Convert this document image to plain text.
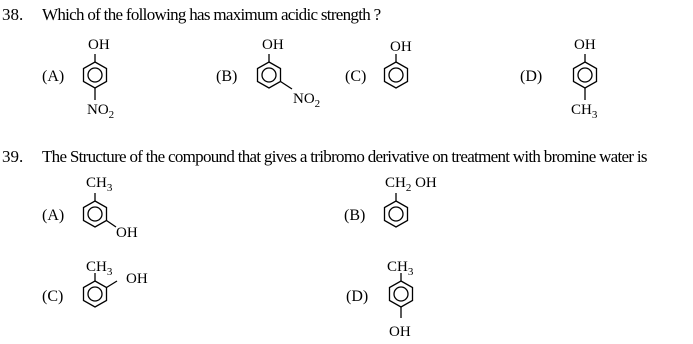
38. Which of the following has maximum acidic strength ?
(A)
OH
$NO_2$
(B)
OH
$NO_2$
(C)
OH
(D)
OH
$CH_3$
39. The Structure of the compound that gives a tribromo derivative on treatment with bromine water is
(A)
$CH_3$
OH
(B)
$CH_2$ OH
(C)
$CH_3$ OH
(D)
$CH_3$
OH
